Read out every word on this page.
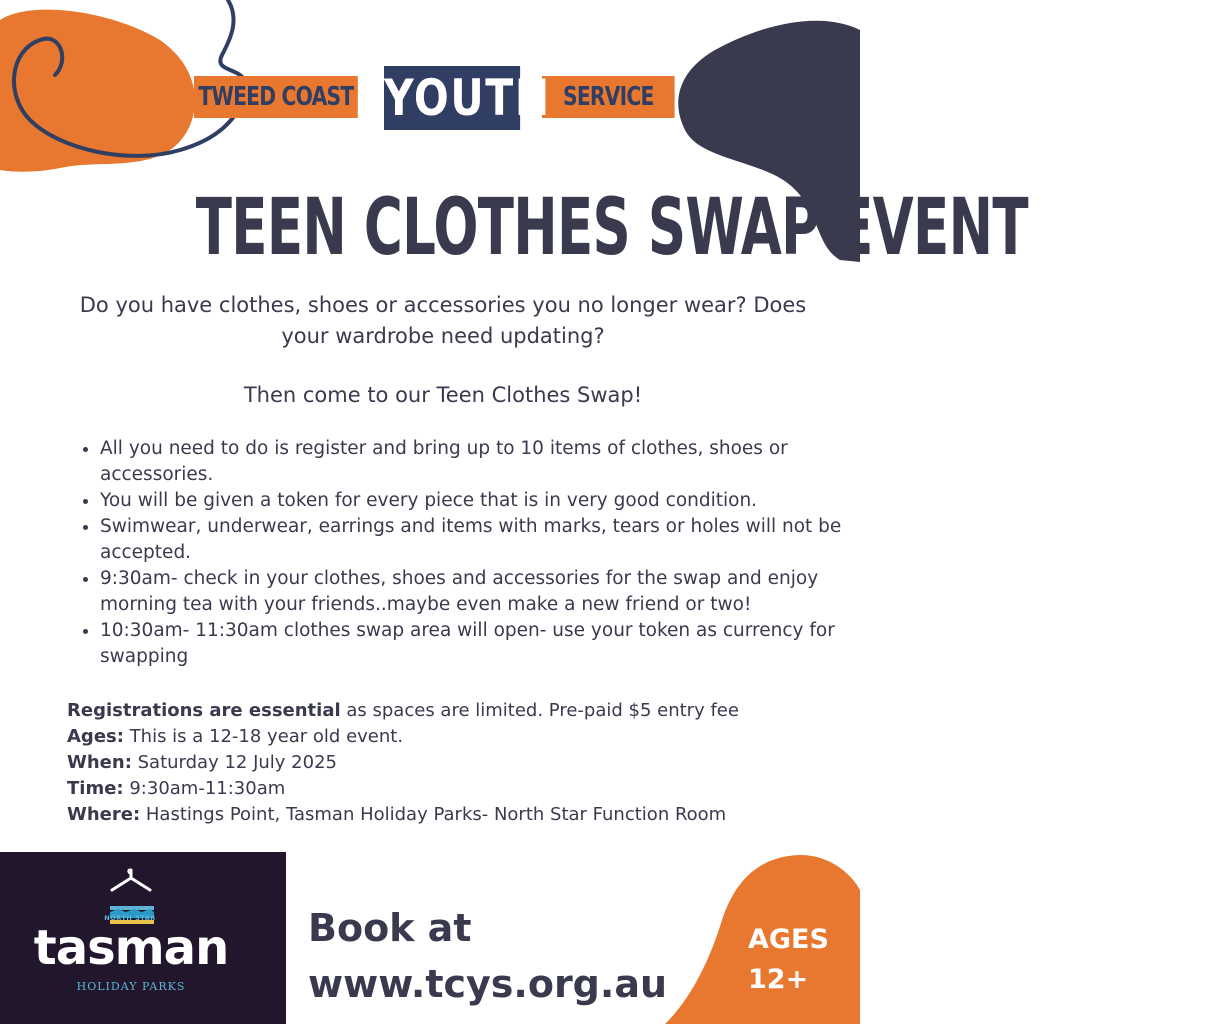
TWEED COAST	SERVICE
YOUTH
TEEN CLOTHES SWAP EVENT

Do you have clothes, shoes or accessories you no longer wear? Does your wardrobe need updating?

Then come to our Teen Clothes Swap!

• All you need to do is register and bring up to 10 items of clothes, shoes or accessories.
• You will be given a token for every piece that is in very good condition.
• Swimwear, underwear, earrings and items with marks, tears or holes will not be accepted.
• 9:30am- check in your clothes, shoes and accessories for the swap and enjoy morning tea with your friends..maybe even make a new friend or two!
• 10:30am- 11:30am clothes swap area will open- use your token as currency for swapping
Registrations are essential as spaces are limited. Pre-paid $5 entry fee
Ages: This is a 12-18 year old event.
When: Saturday 12 July 2025
Time: 9:30am-11:30am
Where: Hastings Point, Tasman Holiday Parks- North Star Function Room
NORTH STAR
tasman
HOLIDAY PARKS
Book at
www.tcys.org.au
AGES
12+
